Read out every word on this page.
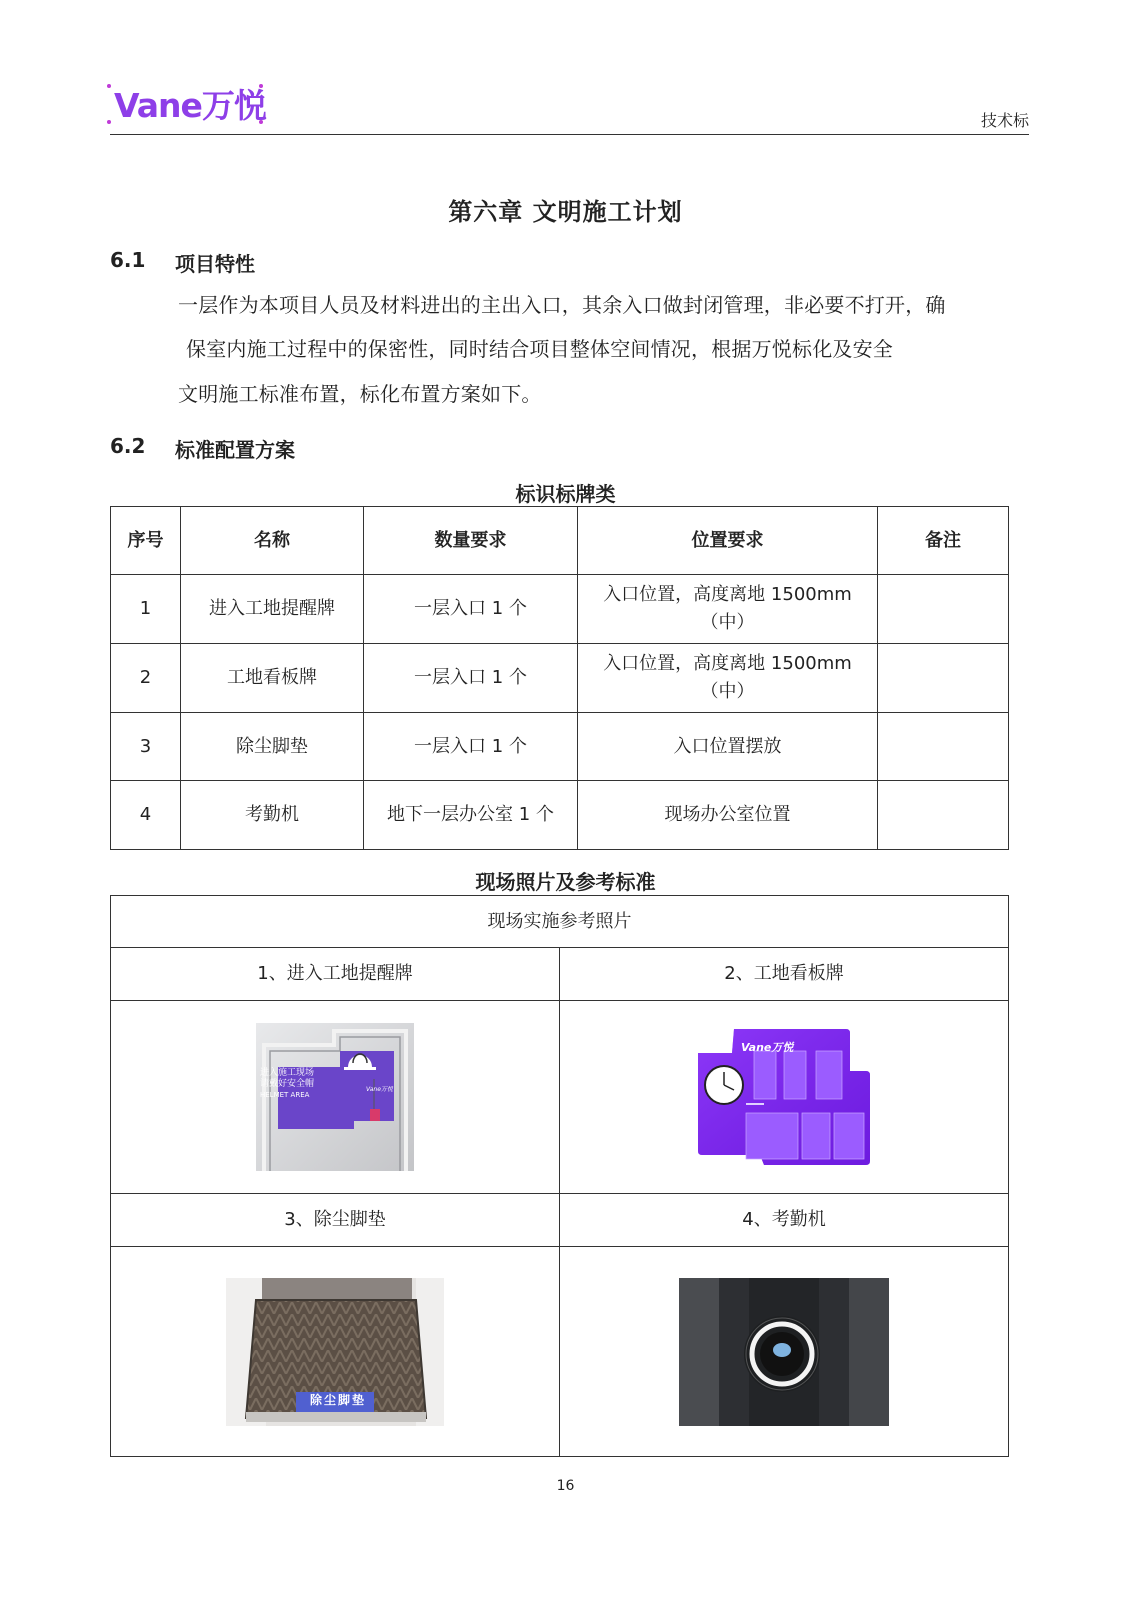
Vane万悦	技术标
第六章 文明施工计划
6.1 项目特性
一层作为本项目人员及材料进出的主出入口，其余入口做封闭管理，非必要不打开，确
保室内施工过程中的保密性，同时结合项目整体空间情况，根据万悦标化及安全
文明施工标准布置，标化布置方案如下。
6.2 标准配置方案
标识标牌类
序号	名称	数量要求	位置要求	备注
1	进入工地提醒牌	一层入口 1 个	入口位置，高度离地 1500mm
（中）	

2	工地看板牌	一层入口 1 个	入口位置，高度离地 1500mm
（中）	

3	除尘脚垫	一层入口 1 个	入口位置摆放	
4	考勤机	地下一层办公室 1 个	现场办公室位置	
现场照片及参考标准
现场实施参考照片	
1、进入工地提醒牌	2、工地看板牌

进入施工现场
请戴好安全帽
HELMET AREA
Vane万悦	Vane万悦

3、除尘脚垫	4、考勤机

除尘脚垫

16
